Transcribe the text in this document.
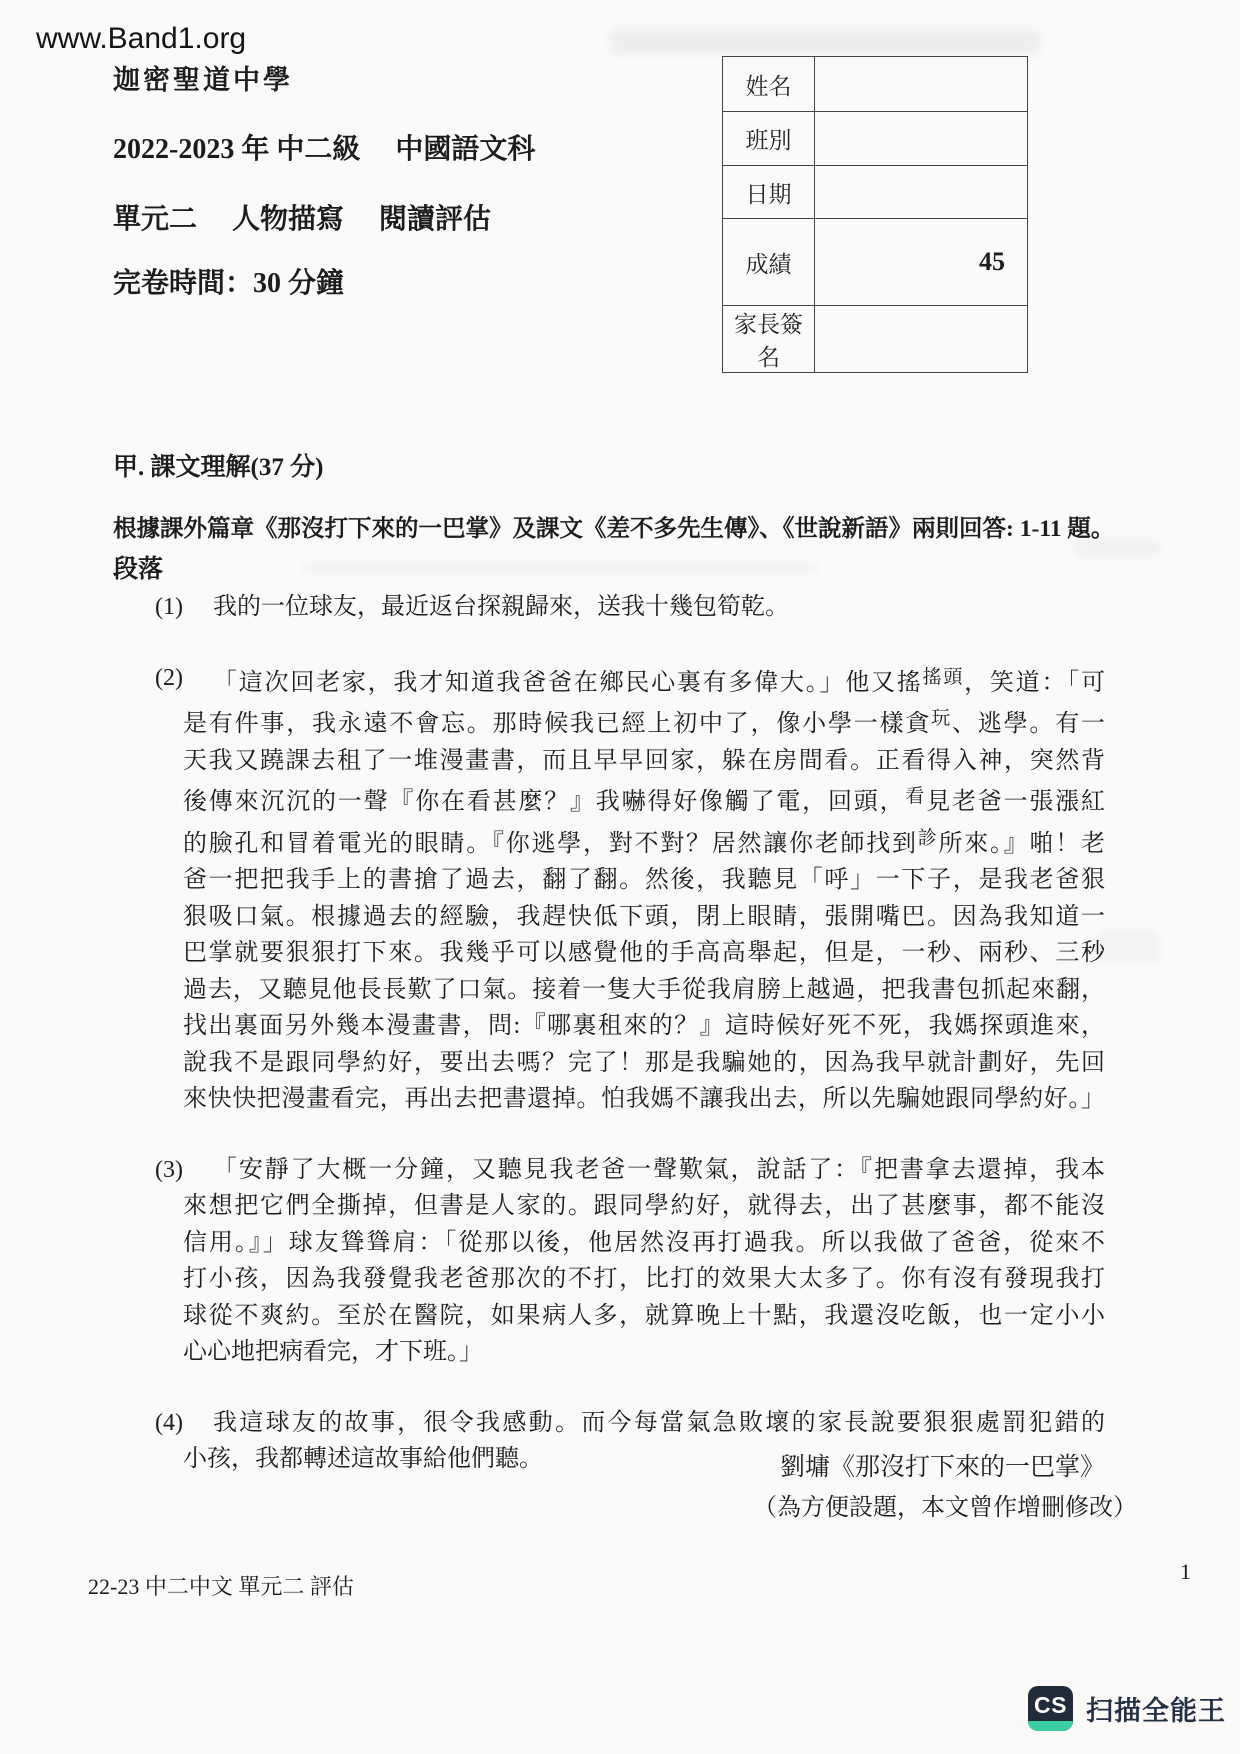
www.Band1.org
迦密聖道中學
2022-2023 年 中二級　 中國語文科
單元二　 人物描寫　 閱讀評估
完卷時間：30 分鐘
姓名	
班別	
日期	
成績	45
家長簽名	
甲. 課文理解(37 分)
根據課外篇章《那沒打下來的一巴掌》及課文《差不多先生傳》、《世說新語》兩則回答: 1-11 題。
段落
(1)	我的一位球友，最近返台探親歸來，送我十幾包筍乾。
(2)	「這次回老家，我才知道我爸爸在鄉民心裏有多偉大。」他又搖$^{搖頭}$，笑道：「可
是有件事，我永遠不會忘。那時候我已經上初中了，像小學一樣貪$^玩$、逃學。有一
天我又蹺課去租了一堆漫畫書，而且早早回家，躲在房間看。正看得入神，突然背
後傳來沉沉的一聲『你在看甚麼？』我嚇得好像觸了電，回頭，$^看$見老爸一張漲紅
的臉孔和冒着電光的眼睛。『你逃學，對不對？居然讓你老師找到$^診$所來。』啪！老
爸一把把我手上的書搶了過去，翻了翻。然後，我聽見「呼」一下子，是我老爸狠
狠吸口氣。根據過去的經驗，我趕快低下頭，閉上眼睛，張開嘴巴。因為我知道一
巴掌就要狠狠打下來。我幾乎可以感覺他的手高高舉起，但是，一秒、兩秒、三秒
過去，又聽見他長長歎了口氣。接着一隻大手從我肩膀上越過，把我書包抓起來翻，
找出裏面另外幾本漫畫書，問:『哪裏租來的？』這時候好死不死，我媽探頭進來，
說我不是跟同學約好，要出去嗎？完了！那是我騙她的，因為我早就計劃好，先回
來快快把漫畫看完，再出去把書還掉。怕我媽不讓我出去，所以先騙她跟同學約好。」
(3)	「安靜了大概一分鐘，又聽見我老爸一聲歎氣，說話了：『把書拿去還掉，我本
來想把它們全撕掉，但書是人家的。跟同學約好，就得去，出了甚麼事，都不能沒
信用。』」球友聳聳肩：「從那以後，他居然沒再打過我。所以我做了爸爸，從來不
打小孩，因為我發覺我老爸那次的不打，比打的效果大太多了。你有沒有發現我打
球從不爽約。至於在醫院，如果病人多，就算晚上十點，我還沒吃飯，也一定小小
心心地把病看完，才下班。」
(4)	我這球友的故事，很令我感動。而今每當氣急敗壞的家長說要狠狠處罰犯錯的
小孩，我都轉述這故事給他們聽。	劉墉《那沒打下來的一巴掌》
（為方便設題，本文曾作增刪修改）
22-23 中二中文 單元二 評估
1
CS 扫描全能王
